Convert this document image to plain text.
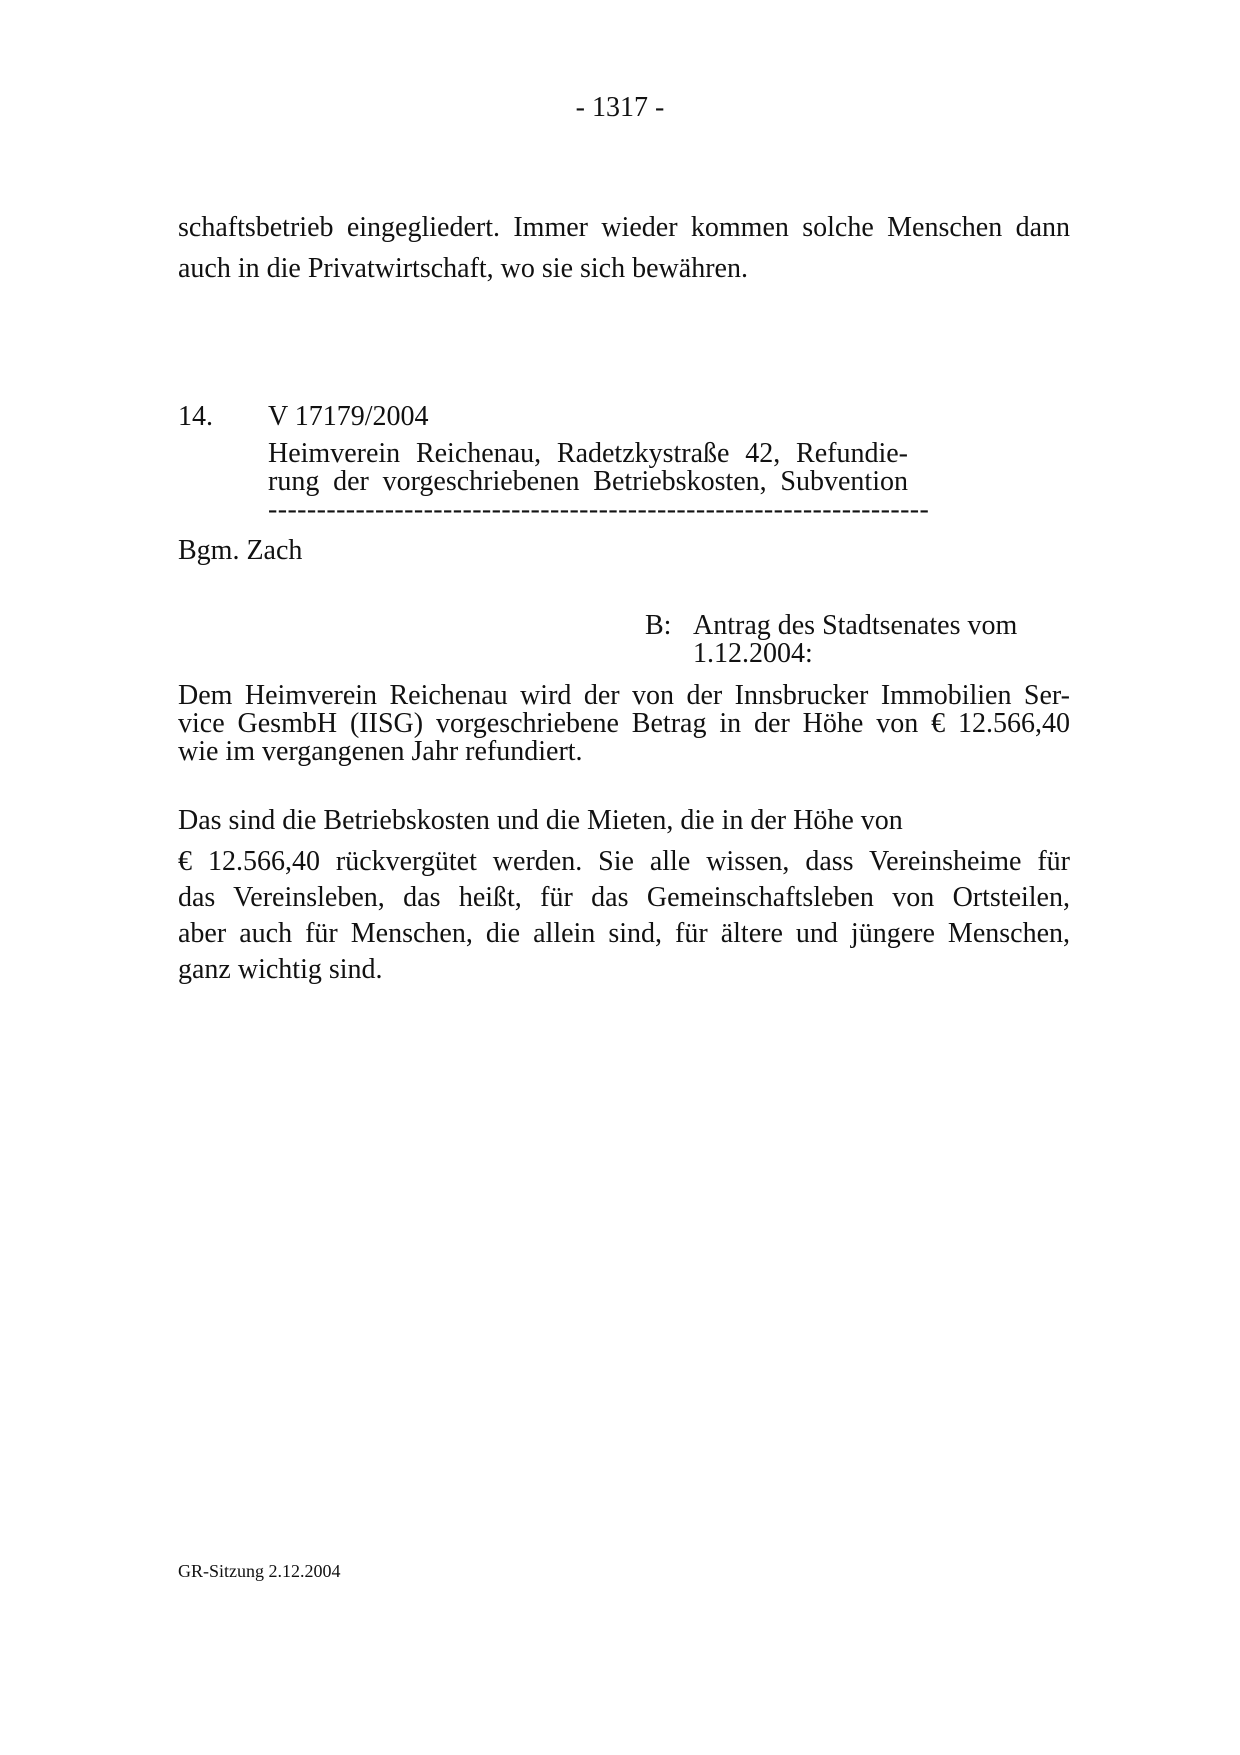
- 1317 -
schaftsbetrieb eingegliedert. Immer wieder kommen solche Menschen dann
auch in die Privatwirtschaft, wo sie sich bewähren.
14. V 17179/2004
Heimverein Reichenau, Radetzkystraße 42, Refundie-
rung der vorgeschriebenen Betriebskosten, Subvention
--------------------------------------------------------------------
Bgm. Zach
B: Antrag des Stadtsenates vom
1.12.2004:
Dem Heimverein Reichenau wird der von der Innsbrucker Immobilien Ser-
vice GesmbH (IISG) vorgeschriebene Betrag in der Höhe von € 12.566,40
wie im vergangenen Jahr refundiert.
Das sind die Betriebskosten und die Mieten, die in der Höhe von
€ 12.566,40 rückvergütet werden. Sie alle wissen, dass Vereinsheime für
das Vereinsleben, das heißt, für das Gemeinschaftsleben von Ortsteilen,
aber auch für Menschen, die allein sind, für ältere und jüngere Menschen,
ganz wichtig sind.
GR-Sitzung 2.12.2004
